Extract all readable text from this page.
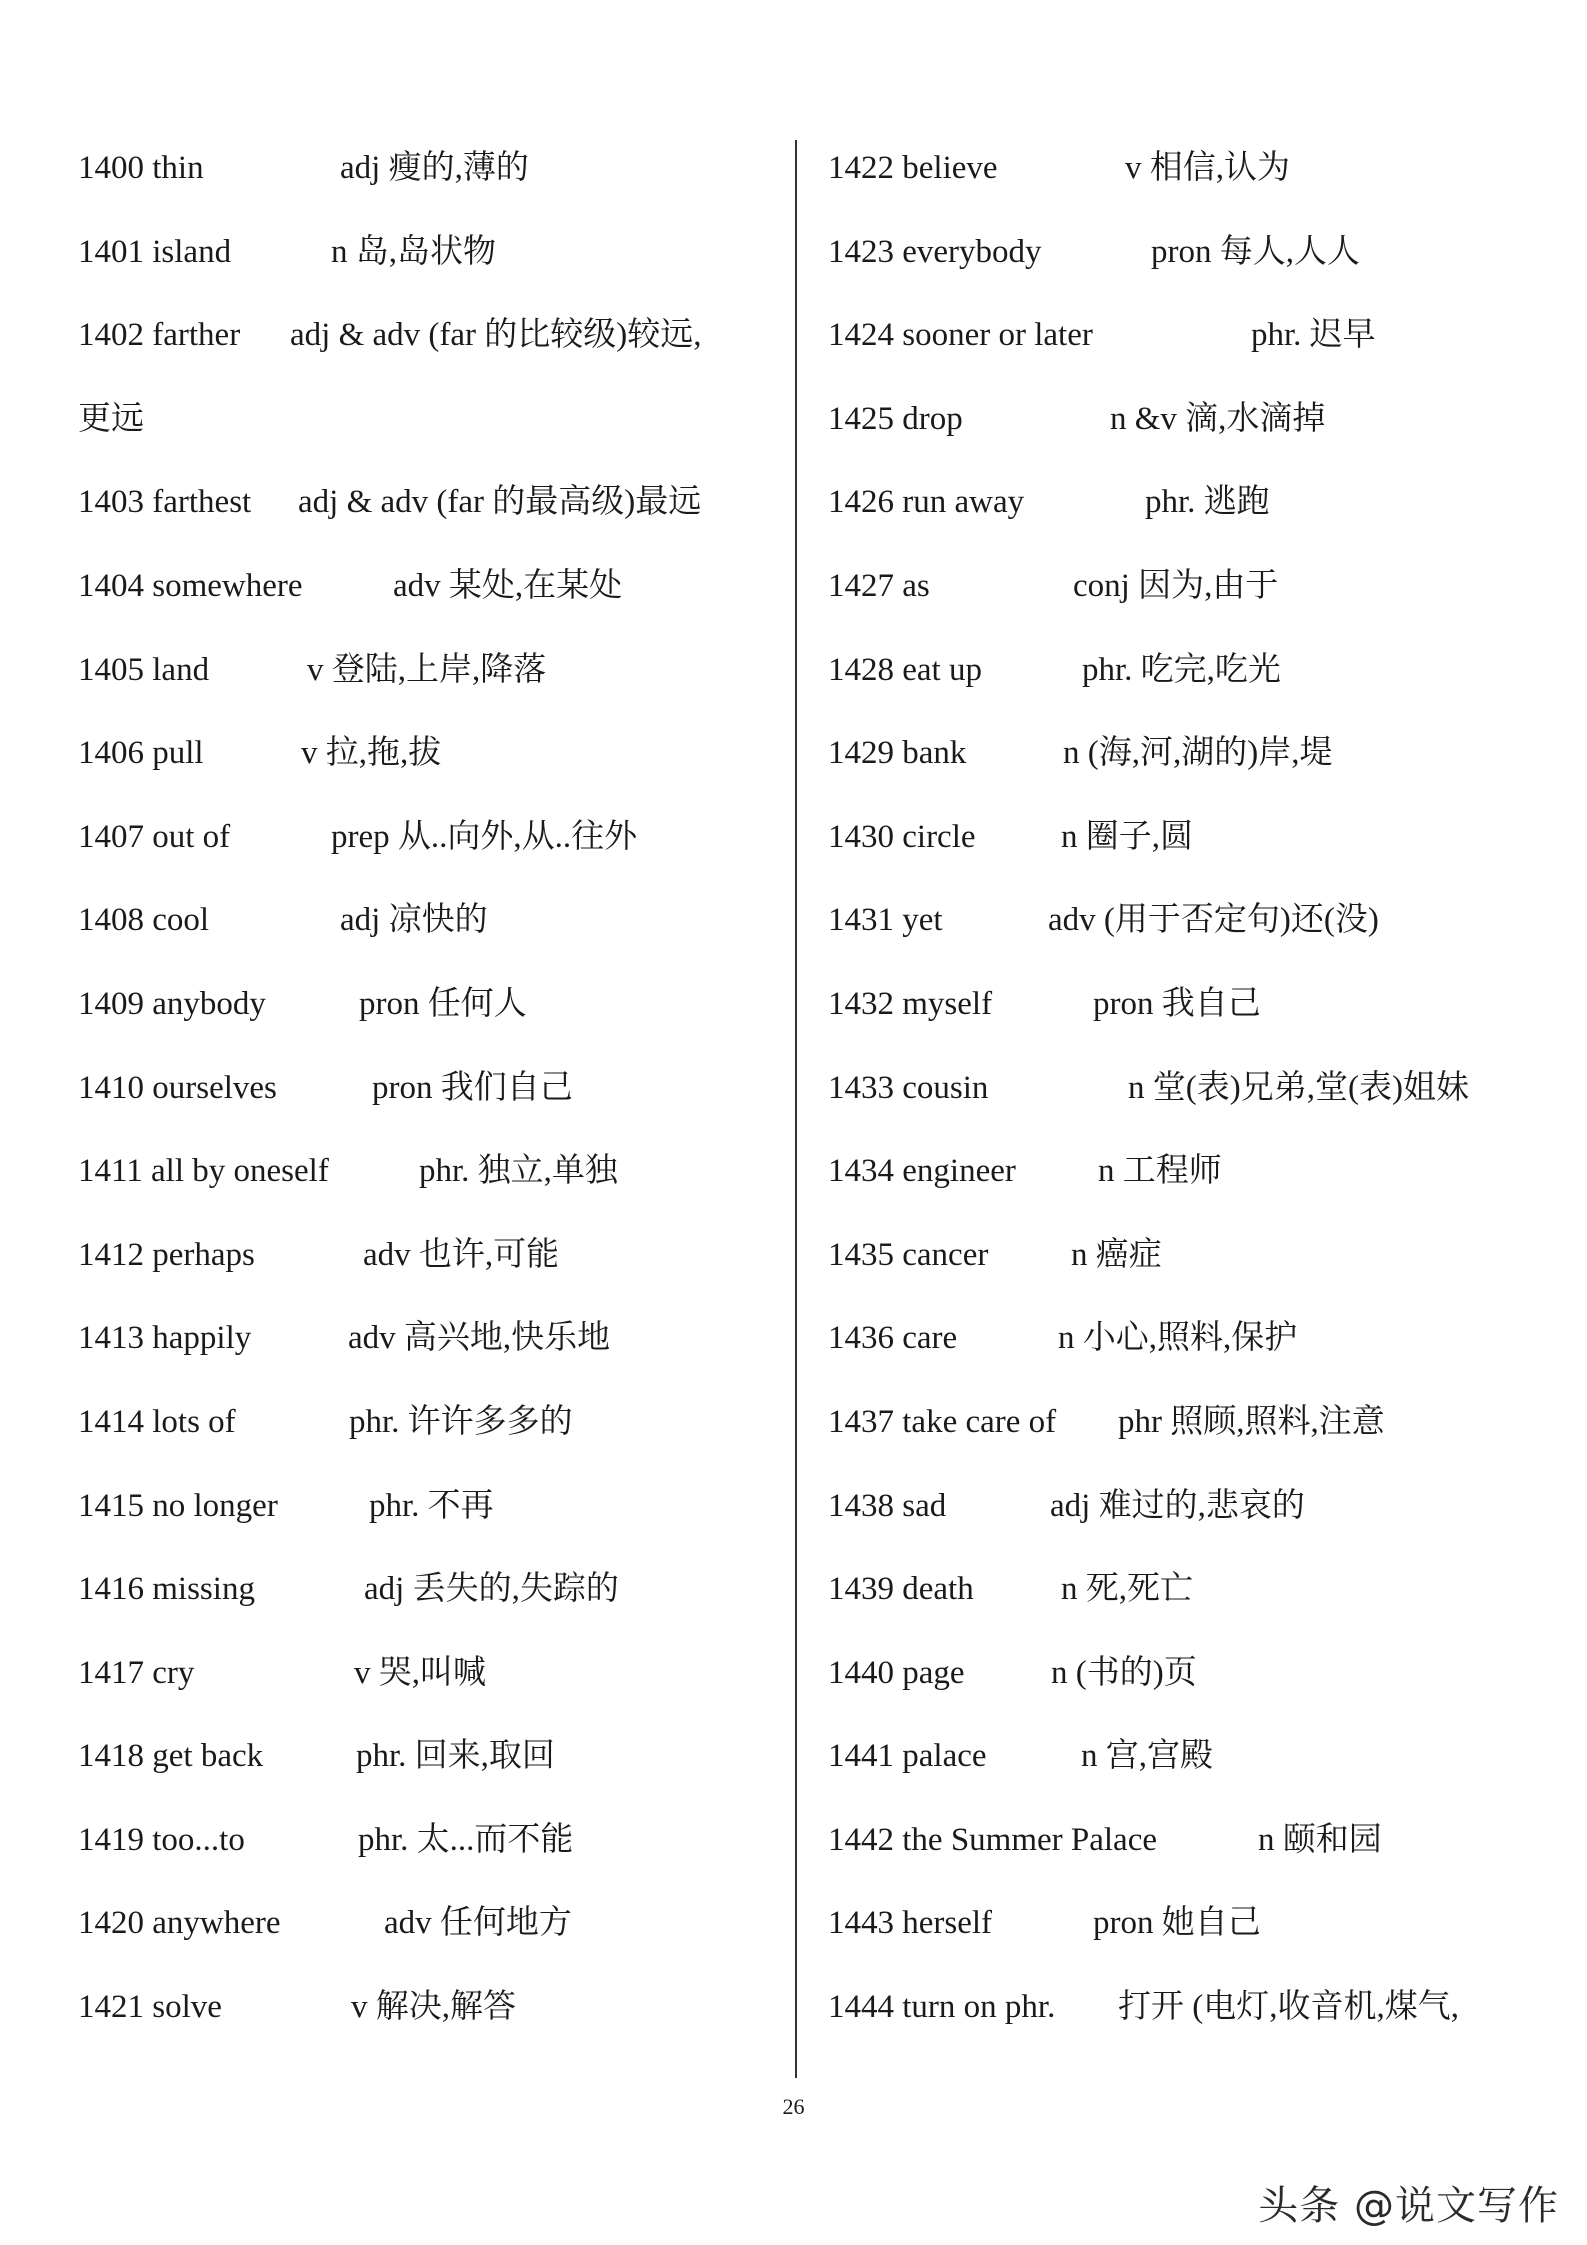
1400 thin	adj 瘦的,薄的
1401 island	n 岛,岛状物
1402 farther adj & adv (far 的比较级)较远,
更远
1403 farthest adj & adv (far 的最高级)最远
1404 somewhere	adv 某处,在某处
1405 land	v 登陆,上岸,降落
1406 pull	v 拉,拖,拔
1407 out of	prep 从..向外,从..往外
1408 cool	adj 凉快的
1409 anybody	pron 任何人
1410 ourselves	pron 我们自己
1411 all by oneself	phr. 独立,单独
1412 perhaps	adv 也许,可能
1413 happily	adv 高兴地,快乐地
1414 lots of	phr. 许许多多的
1415 no longer	phr. 不再
1416 missing	adj 丢失的,失踪的
1417 cry	v 哭,叫喊
1418 get back	phr. 回来,取回
1419 too...to	phr. 太...而不能
1420 anywhere	adv 任何地方
1421 solve	v 解决,解答
1422 believe	v 相信,认为
1423 everybody	pron 每人,人人
1424 sooner or later	phr. 迟早
1425 drop	n &v 滴,水滴掉
1426 run away	phr. 逃跑
1427 as	conj 因为,由于
1428 eat up	phr. 吃完,吃光
1429 bank	n (海,河,湖的)岸,堤
1430 circle	n 圈子,圆
1431 yet	adv (用于否定句)还(没)
1432 myself	pron 我自己
1433 cousin	n 堂(表)兄弟,堂(表)姐妹
1434 engineer n 工程师
1435 cancer	n 癌症
1436 care	n 小心,照料,保护
1437 take care of phr 照顾,照料,注意
1438 sad	adj 难过的,悲哀的
1439 death	n 死,死亡
1440 page	n (书的)页
1441 palace	n 宫,宫殿
1442 the Summer Palace	n 颐和园
1443 herself	pron 她自己
1444 turn on phr. 打开 (电灯,收音机,煤气,
26
头条 @说文写作
